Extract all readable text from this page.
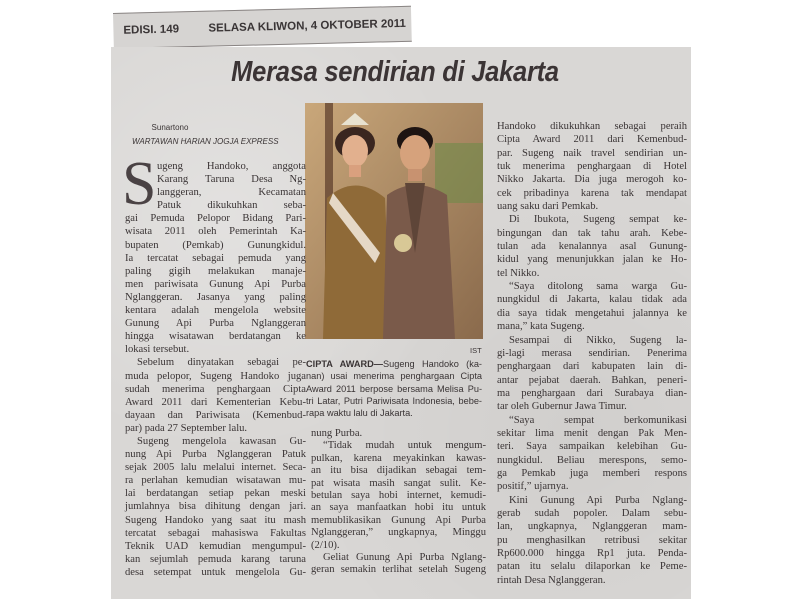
EDISI. 149	SELASA KLIWON, 4 OKTOBER 2011
Merasa sendirian di Jakarta
Sunartono
WARTAWAN HARIAN JOGJA EXPRESS
S
IST
CIPTA AWARD—Sugeng Handoko (ka-
nan) usai menerima penghargaan Cipta
Award 2011 berpose bersama Melisa Pu-
tri Latar, Putri Pariwisata Indonesia, bebe-
rapa waktu lalu di Jakarta.
ugeng Handoko, anggota
Karang Taruna Desa Ng-
langgeran, Kecamatan
Patuk dikukuhkan seba-
gai Pemuda Pelopor Bidang Pari-
wisata 2011 oleh Pemerintah Ka-
bupaten (Pemkab) Gunungkidul.
Ia tercatat sebagai pemuda yang
paling gigih melakukan manaje-
men pariwisata Gunung Api Purba
Nglanggeran. Jasanya yang paling
kentara adalah mengelola website
Gunung Api Purba Nglanggeran
hingga wisatawan berdatangan ke
lokasi tersebut.
Sebelum dinyatakan sebagai pe-
muda pelopor, Sugeng Handoko juga
sudah menerima penghargaan Cipta
Award 2011 dari Kementerian Kebu-
dayaan dan Pariwisata (Kemenbud-
par) pada 27 September lalu.
Sugeng mengelola kawasan Gu-
nung Api Purba Nglanggeran Patuk
sejak 2005 lalu melalui internet. Seca-
ra perlahan kemudian wisatawan mu-
lai berdatangan setiap pekan meski
jumlahnya bisa dihitung dengan jari.
Sugeng Handoko yang saat itu mash
tercatat sebagai mahasiswa Fakultas
Teknik UAD kemudian mengumpul-
kan sejumlah pemuda karang taruna
desa setempat untuk mengelola Gu-
nung Purba.
“Tidak mudah untuk mengum-
pulkan, karena meyakinkan kawas-
an itu bisa dijadikan sebagai tem-
pat wisata masih sangat sulit. Ke-
betulan saya hobi internet, kemudi-
an saya manfaatkan hobi itu untuk
memublikasikan Gunung Api Purba
Nglanggeran,” ungkapnya, Minggu
(2/10).
Geliat Gunung Api Purba Nglang-
geran semakin terlihat setelah Sugeng
Handoko dikukuhkan sebagai peraih
Cipta Award 2011 dari Kemenbud-
par. Sugeng naik travel sendirian un-
tuk menerima penghargaan di Hotel
Nikko Jakarta. Dia juga merogoh ko-
cek pribadinya karena tak mendapat
uang saku dari Pemkab.
Di Ibukota, Sugeng sempat ke-
bingungan dan tak tahu arah. Kebe-
tulan ada kenalannya asal Gunung-
kidul yang menunjukkan jalan ke Ho-
tel Nikko.
“Saya ditolong sama warga Gu-
nungkidul di Jakarta, kalau tidak ada
dia saya tidak mengetahui jalannya ke
mana,” kata Sugeng.
Sesampai di Nikko, Sugeng la-
gi-lagi merasa sendirian. Penerima
penghargaan dari kabupaten lain di-
antar pejabat daerah. Bahkan, peneri-
ma penghargaan dari Surabaya dian-
tar oleh Gubernur Jawa Timur.
“Saya sempat berkomunikasi
sekitar lima menit dengan Pak Men-
teri. Saya sampaikan kelebihan Gu-
nungkidul. Beliau merespons, semo-
ga Pemkab juga memberi respons
positif,” ujarnya.
Kini Gunung Api Purba Nglang-
gerab sudah popoler. Dalam sebu-
lan, ungkapnya, Nglanggeran mam-
pu menghasilkan retribusi sekitar
Rp600.000 hingga Rp1 juta. Penda-
patan itu selalu dilaporkan ke Peme-
rintah Desa Nglanggeran.
